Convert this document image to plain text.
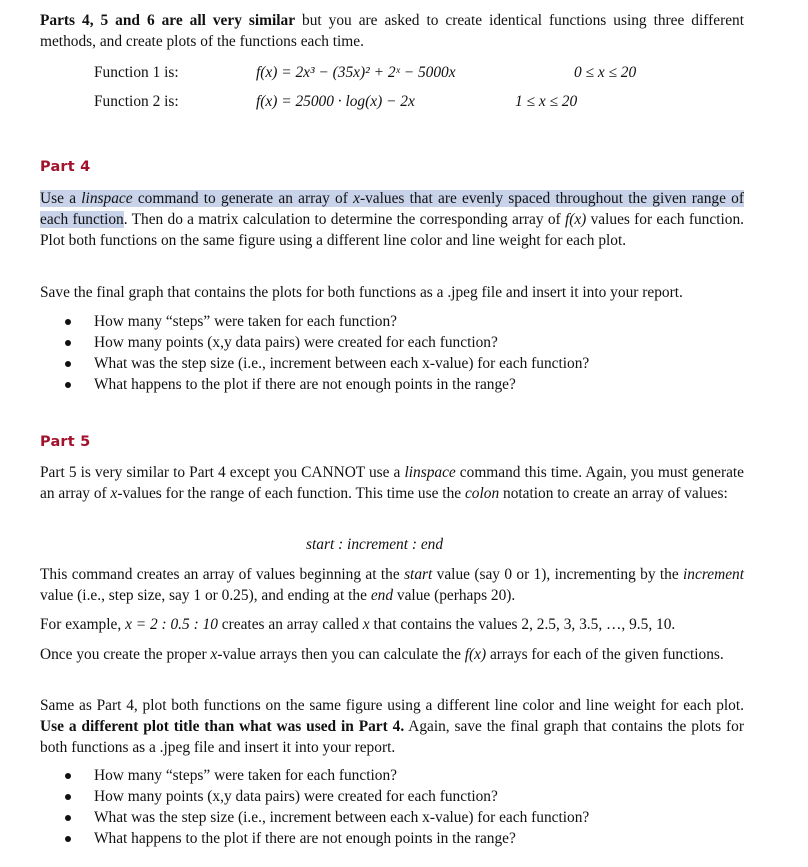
Parts 4, 5 and 6 are all very similar but you are asked to create identical functions using three different methods, and create plots of the functions each time.

Function 1 is:	f(x) = 2x³ − (35x)² + 2ˣ − 5000x	0 ≤ x ≤ 20
Function 2 is:	f(x) = 25000 · log(x) − 2x	1 ≤ x ≤ 20
Part 4

Use a linspace command to generate an array of x-values that are evenly spaced throughout the given range of each function. Then do a matrix calculation to determine the corresponding array of f(x) values for each function. Plot both functions on the same figure using a different line color and line weight for each plot.

Save the final graph that contains the plots for both functions as a .jpeg file and insert it into your report.

How many “steps” were taken for each function?
How many points (x,y data pairs) were created for each function?
What was the step size (i.e., increment between each x-value) for each function?
What happens to the plot if there are not enough points in the range?
Part 5

Part 5 is very similar to Part 4 except you CANNOT use a linspace command this time. Again, you must generate an array of x-values for the range of each function. This time use the colon notation to create an array of values:

start : increment : end

This command creates an array of values beginning at the start value (say 0 or 1), incrementing by the increment value (i.e., step size, say 1 or 0.25), and ending at the end value (perhaps 20).

For example, x = 2 : 0.5 : 10 creates an array called x that contains the values 2, 2.5, 3, 3.5, …, 9.5, 10.

Once you create the proper x-value arrays then you can calculate the f(x) arrays for each of the given functions.

Same as Part 4, plot both functions on the same figure using a different line color and line weight for each plot. Use a different plot title than what was used in Part 4. Again, save the final graph that contains the plots for both functions as a .jpeg file and insert it into your report.

How many “steps” were taken for each function?
How many points (x,y data pairs) were created for each function?
What was the step size (i.e., increment between each x-value) for each function?
What happens to the plot if there are not enough points in the range?
